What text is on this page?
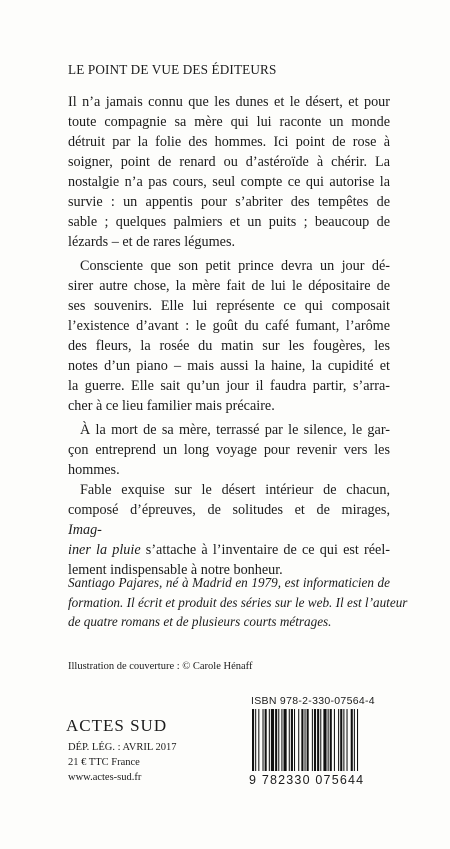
LE POINT DE VUE DES ÉDITEURS
Il n’a jamais connu que les dunes et le désert, et pour
toute compagnie sa mère qui lui raconte un monde
détruit par la folie des hommes. Ici point de rose à
soigner, point de renard ou d’astéroïde à chérir. La
nostalgie n’a pas cours, seul compte ce qui autorise la
survie : un appentis pour s’abriter des tempêtes de
sable ; quelques palmiers et un puits ; beaucoup de
lézards – et de rares légumes.
Consciente que son petit prince devra un jour dé-
sirer autre chose, la mère fait de lui le dépositaire de
ses souvenirs. Elle lui représente ce qui composait
l’existence d’avant : le goût du café fumant, l’arôme
des fleurs, la rosée du matin sur les fougères, les
notes d’un piano – mais aussi la haine, la cupidité et
la guerre. Elle sait qu’un jour il faudra partir, s’arra-
cher à ce lieu familier mais précaire.
À la mort de sa mère, terrassé par le silence, le gar-
çon entreprend un long voyage pour revenir vers les
hommes.
Fable exquise sur le désert intérieur de chacun,
composé d’épreuves, de solitudes et de mirages,
Imag-
iner la pluie s’attache à l’inventaire de ce qui est réel-
lement indispensable à notre bonheur.
Santiago Pajares, né à Madrid en 1979, est informaticien de
formation. Il écrit et produit des séries sur le web. Il est l’auteur
de quatre romans et de plusieurs courts métrages.
Illustration de couverture : © Carole Hénaff
ISBN 978-2-330-07564-4
ACTES SUD
DÉP. LÉG. : AVRIL 2017
21 € TTC France
www.actes-sud.fr	9 782330 075644
